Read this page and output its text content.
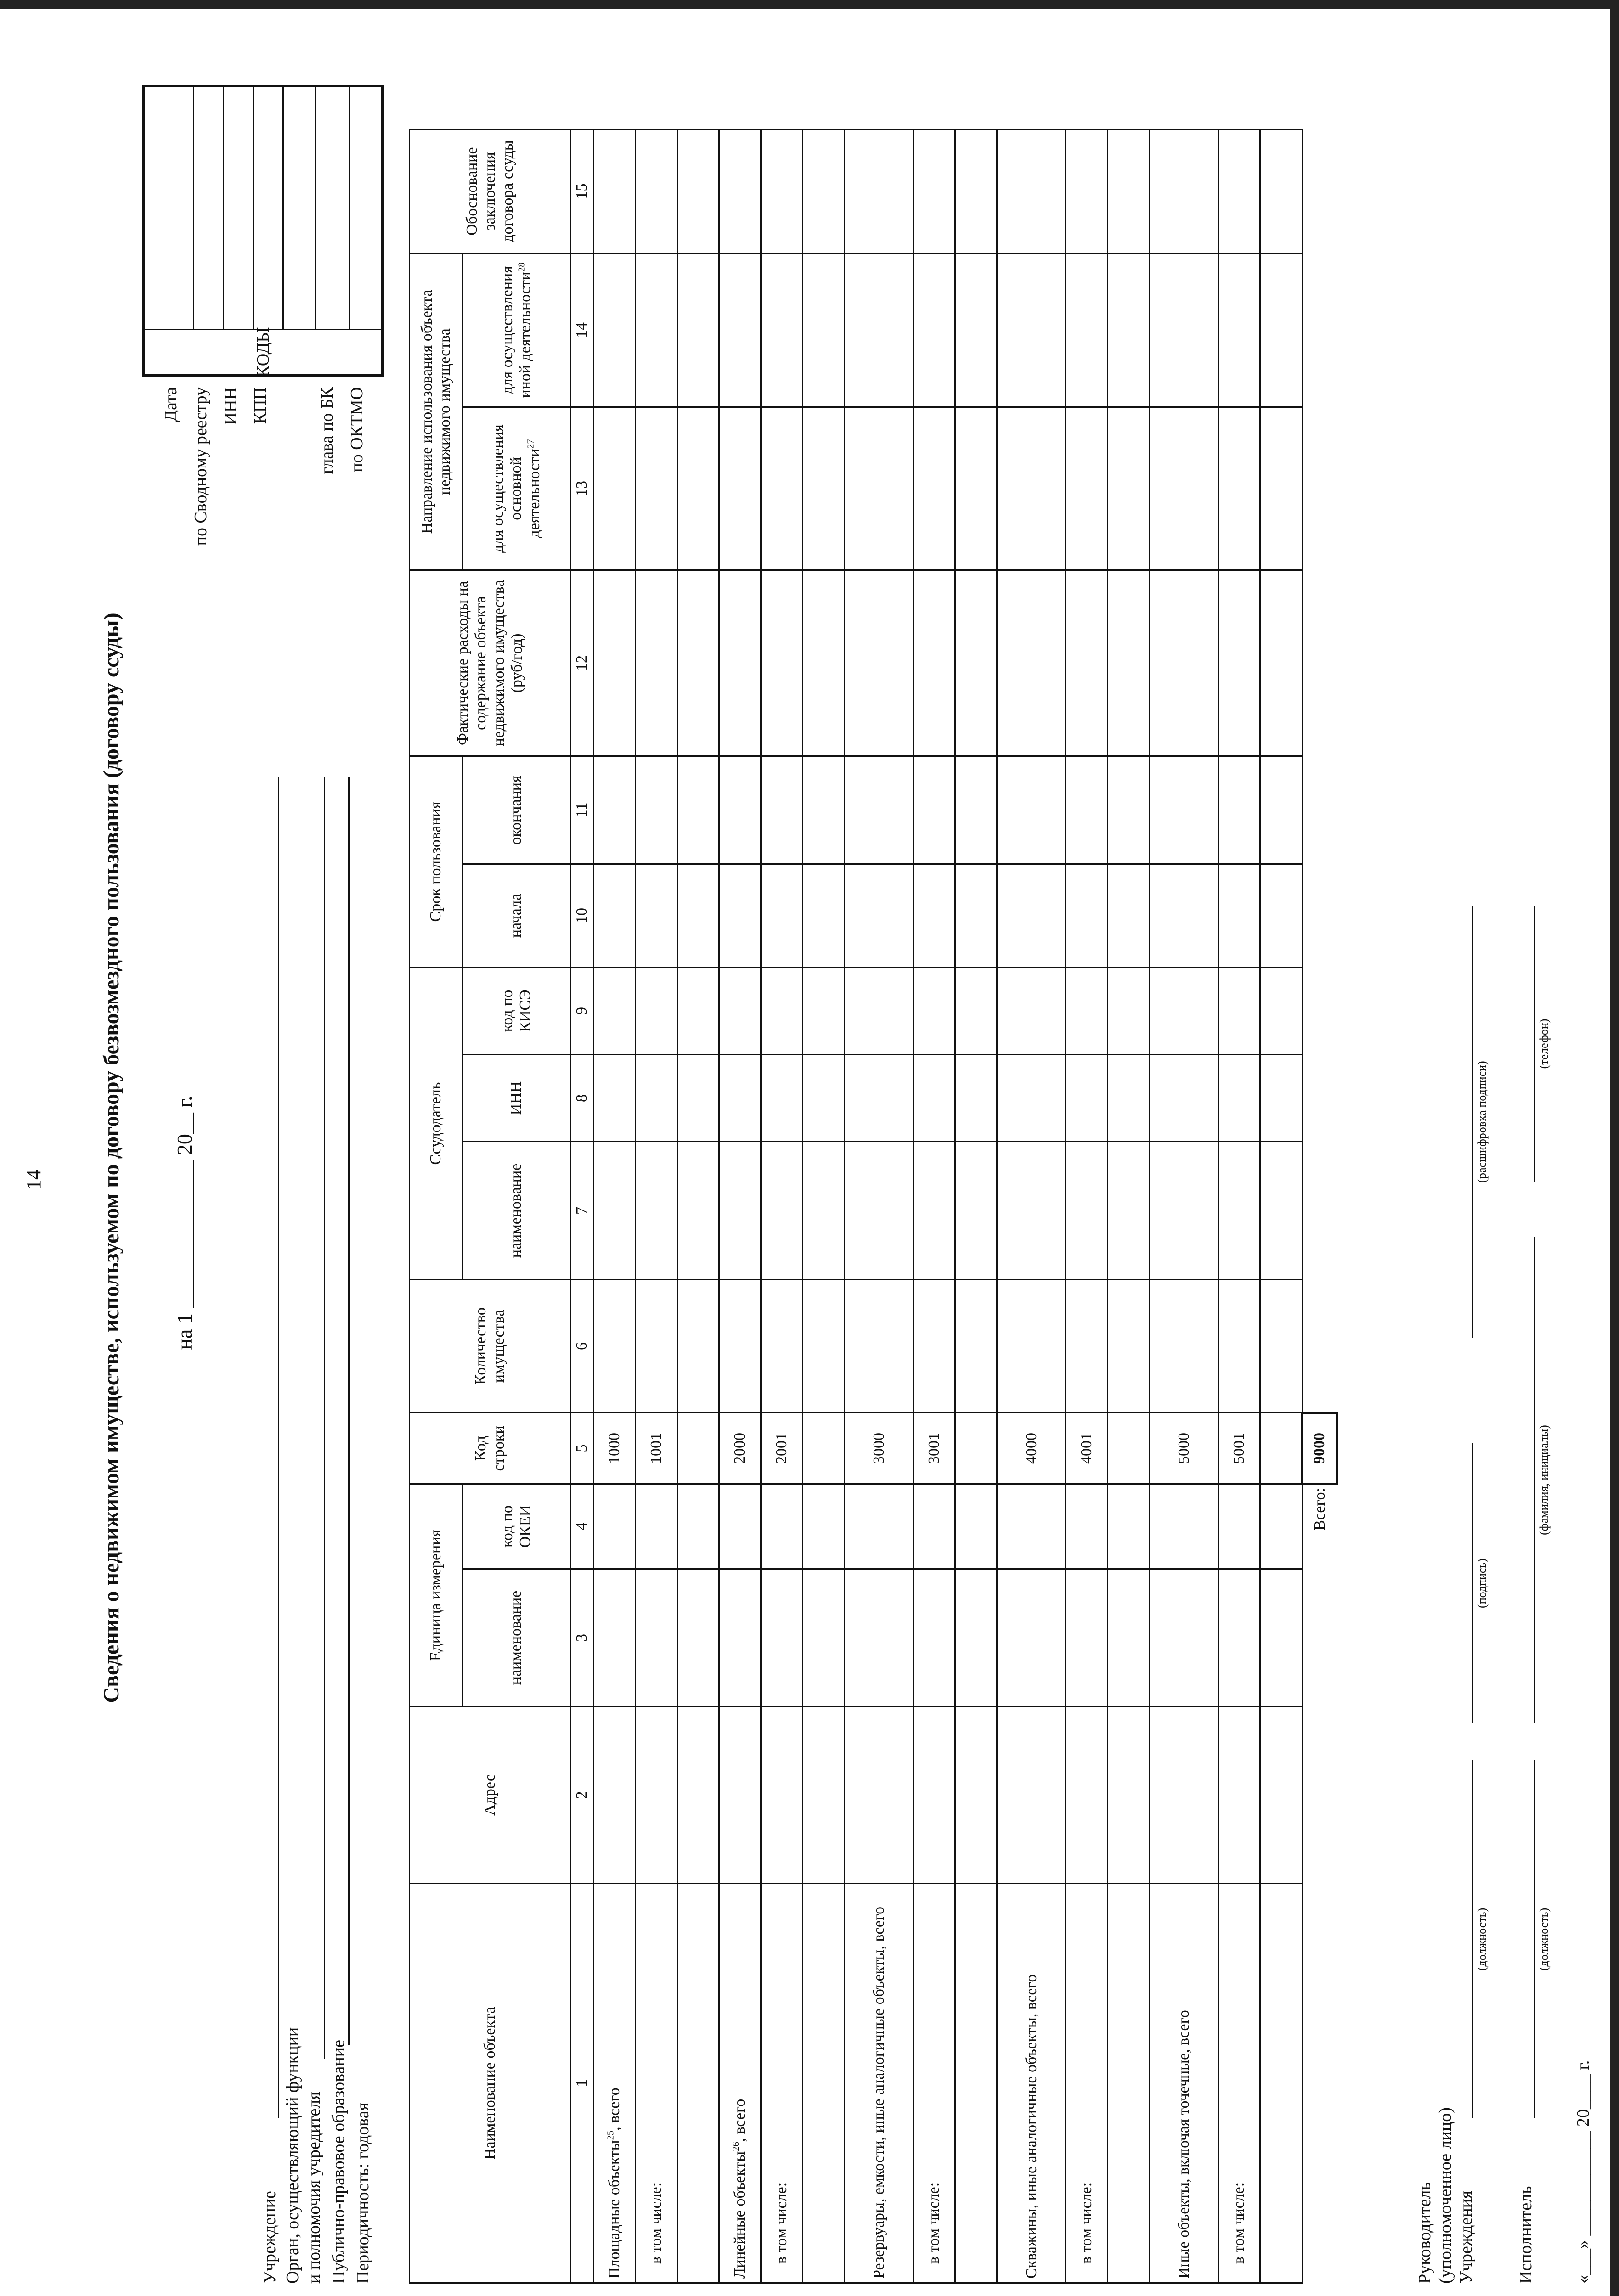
14 Сведения о недвижимом имуществе, используемом по договору безвозмездного пользования (договору ссуды) на 1 ______________ 20__ г.
Учреждение Орган, осуществляющий функции и полномочия учредителя Публично-правовое образование Периодичность: годовая
Дата по Сводному реестру ИНН КПП	глава по БК по ОКТМО
КОДЫ
Наименование объекта	Адрес	Единица измерения		Код строки	Количество имущества	Ссудодатель			Срок пользования		Фактические расходы на содержание объекта недвижимого имущества (руб/год)	Направление использования объекта недвижимого имущества		Обоснование заключения договора ссуды
		наименование	код по ОКЕИ			наименование	ИНН	код по КИСЭ	начала	окончания		для осуществления основной деятельности$^{27}$	для осуществления иной деятельности$^{28}$
1	2	3	4	5	6	7	8	9	10	11	12	13	14	15
Площадные объекты$^{25}$, всего				1000										
в том числе:				1001										

Линейные объекты$^{26}$, всего				2000										
в том числе:				2001										

Резервуары, емкости, иные аналогичные объекты, всего				3000										
в том числе:				3001										

Скважины, иные аналогичные объекты, всего				4000										
в том числе:				4001										

Иные объекты, включая точечные, всего				5000										
в том числе:				5001										

Всего:				9000										
Руководитель (уполномоченное лицо) Учреждения
(должность)
(подпись)
(расшифровка подписи)
Исполнитель
(должность)
(фамилия, инициалы)
(телефон)
«___» ____________ 20____ г.
